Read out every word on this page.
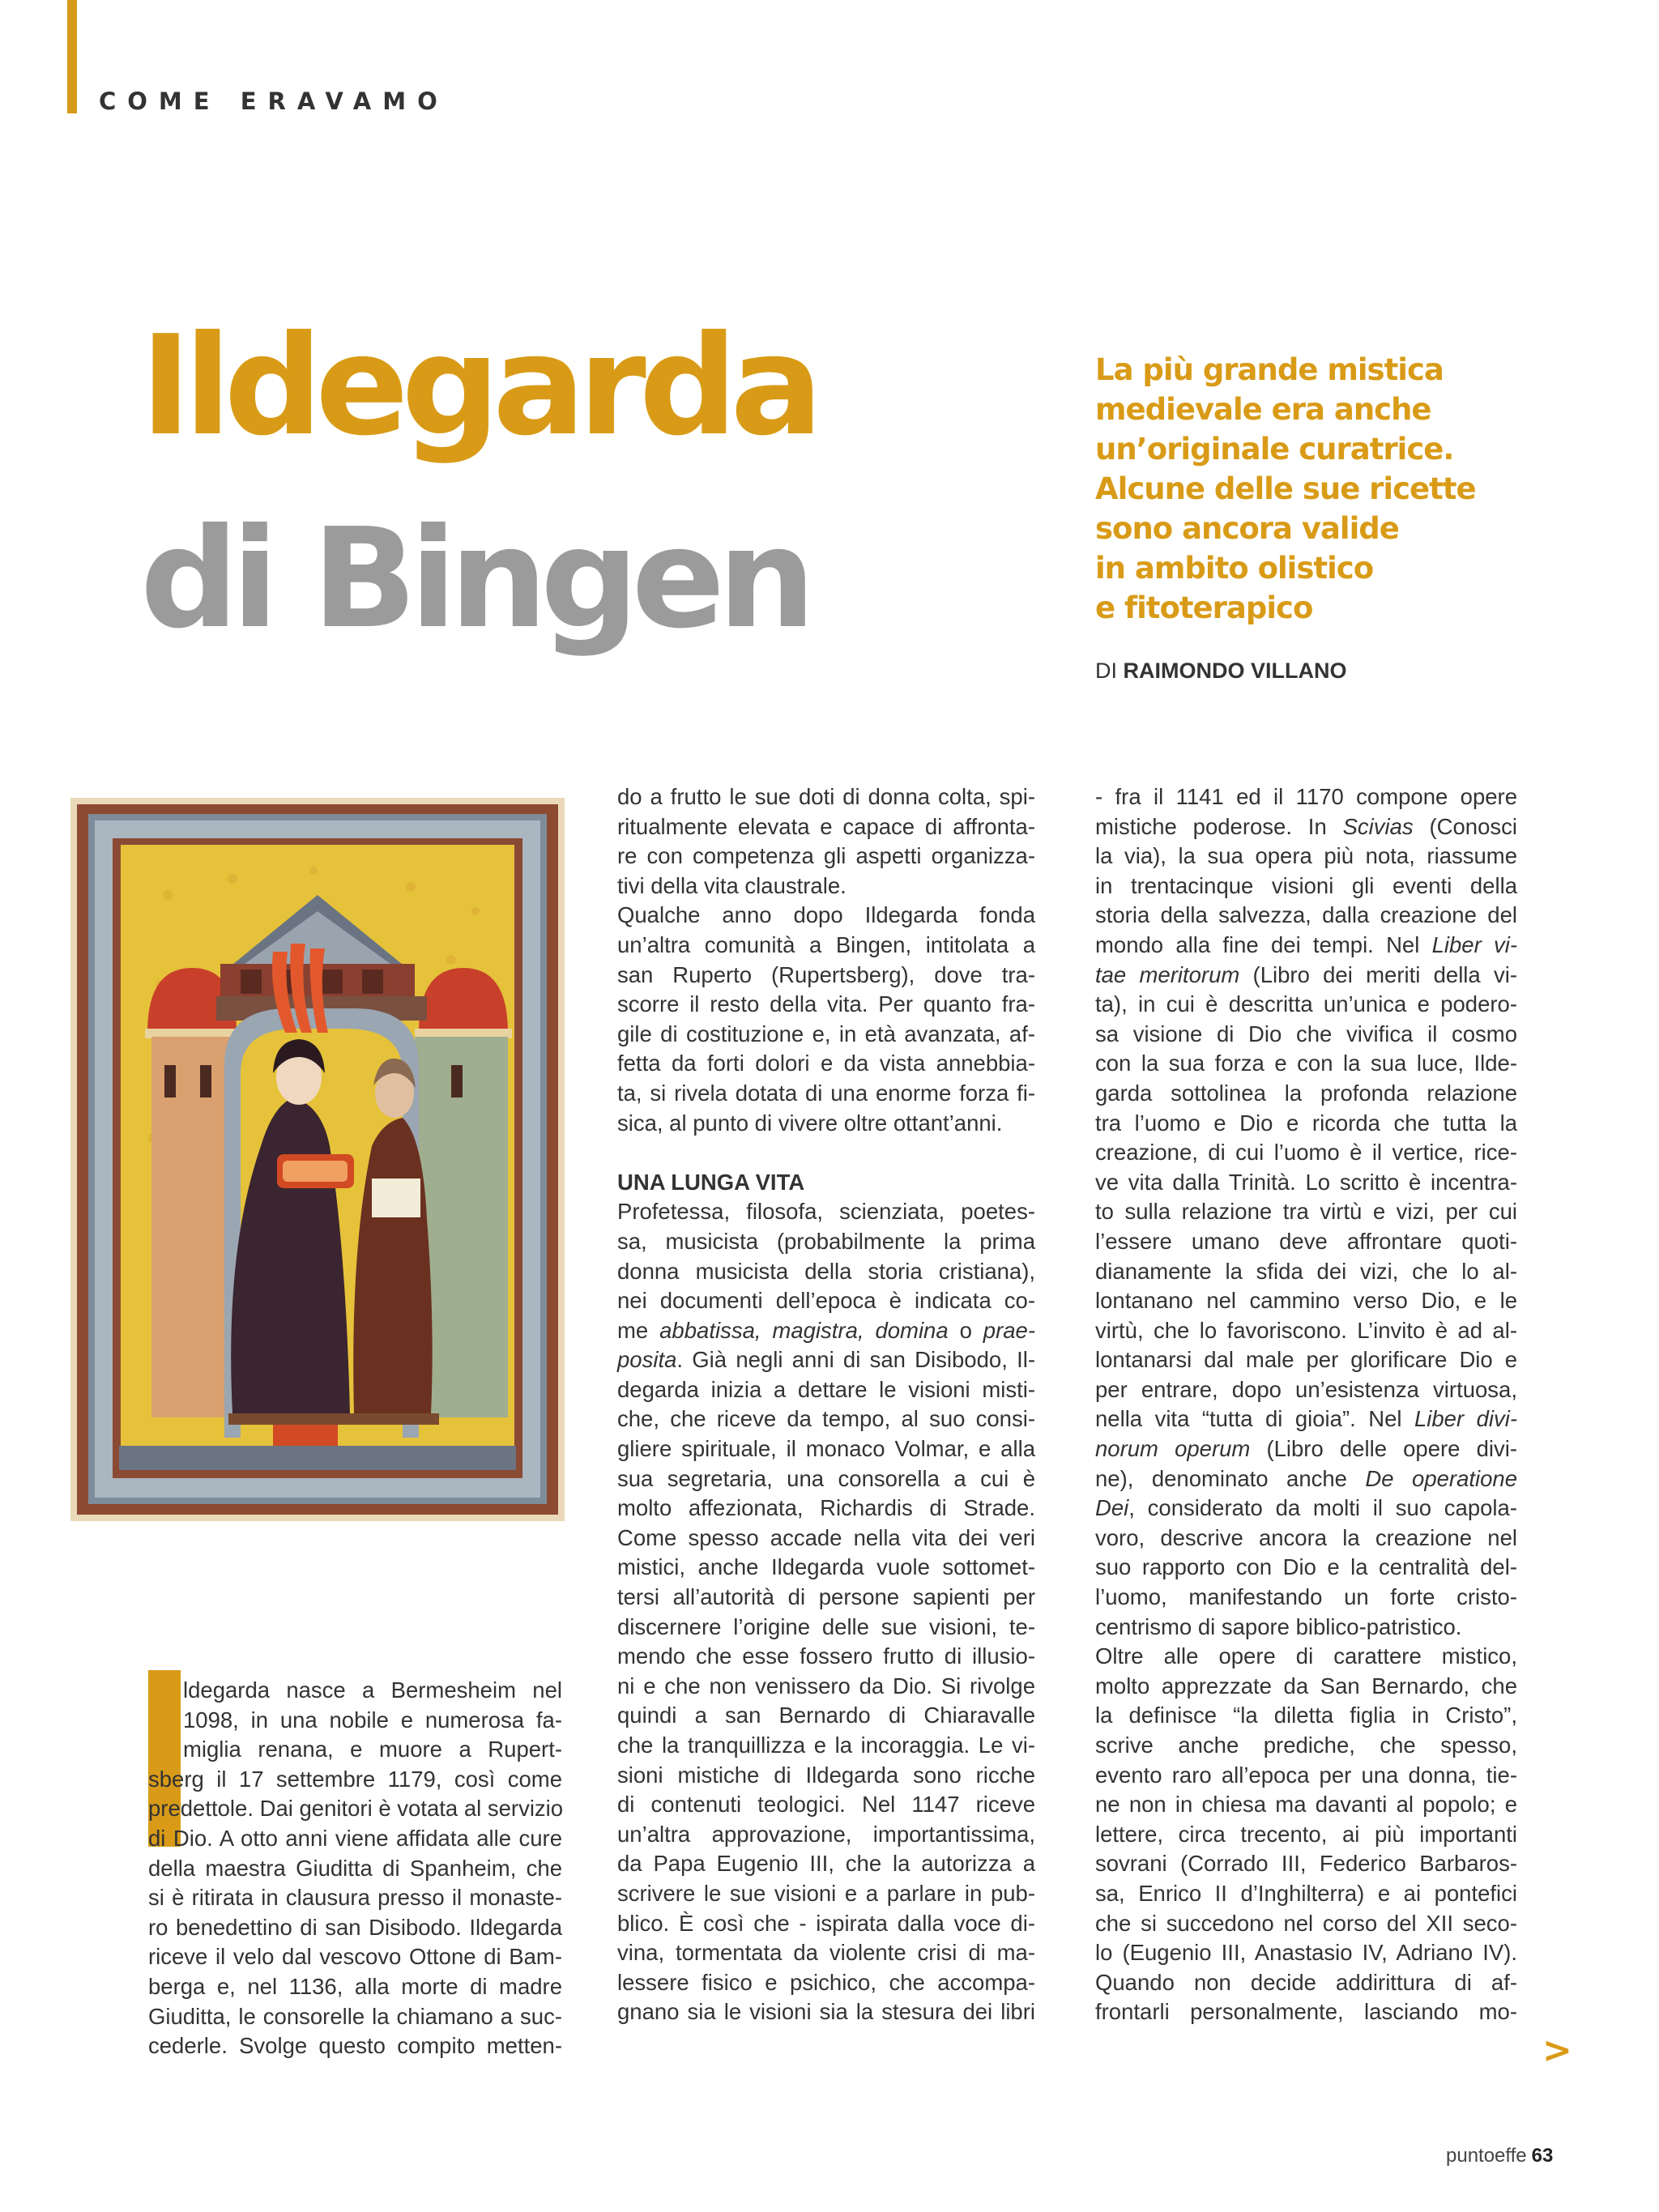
COME ERAVAMO
Ildegarda
di Bingen
La più grande mistica
medievale era anche
un’originale curatrice.
Alcune delle sue ricette
sono ancora valide
in ambito olistico
e fitoterapico
DI RAIMONDO VILLANO
ldegarda nasce a Bermesheim nel
1098, in una nobile e numerosa fa-
miglia renana, e muore a Rupert-
sberg il 17 settembre 1179, così come
predettole. Dai genitori è votata al servizio
di Dio. A otto anni viene affidata alle cure
della maestra Giuditta di Spanheim, che
si è ritirata in clausura presso il monaste-
ro benedettino di san Disibodo. Ildegarda
riceve il velo dal vescovo Ottone di Bam-
berga e, nel 1136, alla morte di madre
Giuditta, le consorelle la chiamano a suc-
cederle. Svolge questo compito metten-
do a frutto le sue doti di donna colta, spi-
ritualmente elevata e capace di affronta-
re con competenza gli aspetti organizza-
tivi della vita claustrale.
Qualche anno dopo Ildegarda fonda
un’altra comunità a Bingen, intitolata a
san Ruperto (Rupertsberg), dove tra-
scorre il resto della vita. Per quanto fra-
gile di costituzione e, in età avanzata, af-
fetta da forti dolori e da vista annebbia-
ta, si rivela dotata di una enorme forza fi-
sica, al punto di vivere oltre ottant’anni.
UNA LUNGA VITA
Profetessa, filosofa, scienziata, poetes-
sa, musicista (probabilmente la prima
donna musicista della storia cristiana),
nei documenti dell’epoca è indicata co-
me abbatissa, magistra, domina o prae-
posita. Già negli anni di san Disibodo, Il-
degarda inizia a dettare le visioni misti-
che, che riceve da tempo, al suo consi-
gliere spirituale, il monaco Volmar, e alla
sua segretaria, una consorella a cui è
molto affezionata, Richardis di Strade.
Come spesso accade nella vita dei veri
mistici, anche Ildegarda vuole sottomet-
tersi all’autorità di persone sapienti per
discernere l’origine delle sue visioni, te-
mendo che esse fossero frutto di illusio-
ni e che non venissero da Dio. Si rivolge
quindi a san Bernardo di Chiaravalle
che la tranquillizza e la incoraggia. Le vi-
sioni mistiche di Ildegarda sono ricche
di contenuti teologici. Nel 1147 riceve
un’altra approvazione, importantissima,
da Papa Eugenio III, che la autorizza a
scrivere le sue visioni e a parlare in pub-
blico. È così che - ispirata dalla voce di-
vina, tormentata da violente crisi di ma-
lessere fisico e psichico, che accompa-
gnano sia le visioni sia la stesura dei libri
- fra il 1141 ed il 1170 compone opere
mistiche poderose. In Scivias (Conosci
la via), la sua opera più nota, riassume
in trentacinque visioni gli eventi della
storia della salvezza, dalla creazione del
mondo alla fine dei tempi. Nel Liber vi-
tae meritorum (Libro dei meriti della vi-
ta), in cui è descritta un’unica e podero-
sa visione di Dio che vivifica il cosmo
con la sua forza e con la sua luce, Ilde-
garda sottolinea la profonda relazione
tra l’uomo e Dio e ricorda che tutta la
creazione, di cui l’uomo è il vertice, rice-
ve vita dalla Trinità. Lo scritto è incentra-
to sulla relazione tra virtù e vizi, per cui
l’essere umano deve affrontare quoti-
dianamente la sfida dei vizi, che lo al-
lontanano nel cammino verso Dio, e le
virtù, che lo favoriscono. L’invito è ad al-
lontanarsi dal male per glorificare Dio e
per entrare, dopo un’esistenza virtuosa,
nella vita “tutta di gioia”. Nel Liber divi-
norum operum (Libro delle opere divi-
ne), denominato anche De operatione
Dei, considerato da molti il suo capola-
voro, descrive ancora la creazione nel
suo rapporto con Dio e la centralità del-
l’uomo, manifestando un forte cristo-
centrismo di sapore biblico-patristico.
Oltre alle opere di carattere mistico,
molto apprezzate da San Bernardo, che
la definisce “la diletta figlia in Cristo”,
scrive anche prediche, che spesso,
evento raro all’epoca per una donna, tie-
ne non in chiesa ma davanti al popolo; e
lettere, circa trecento, ai più importanti
sovrani (Corrado III, Federico Barbaros-
sa, Enrico II d’Inghilterra) e ai pontefici
che si succedono nel corso del XII seco-
lo (Eugenio III, Anastasio IV, Adriano IV).
Quando non decide addirittura di af-
frontarli personalmente, lasciando mo-
>
puntoeffe 63
